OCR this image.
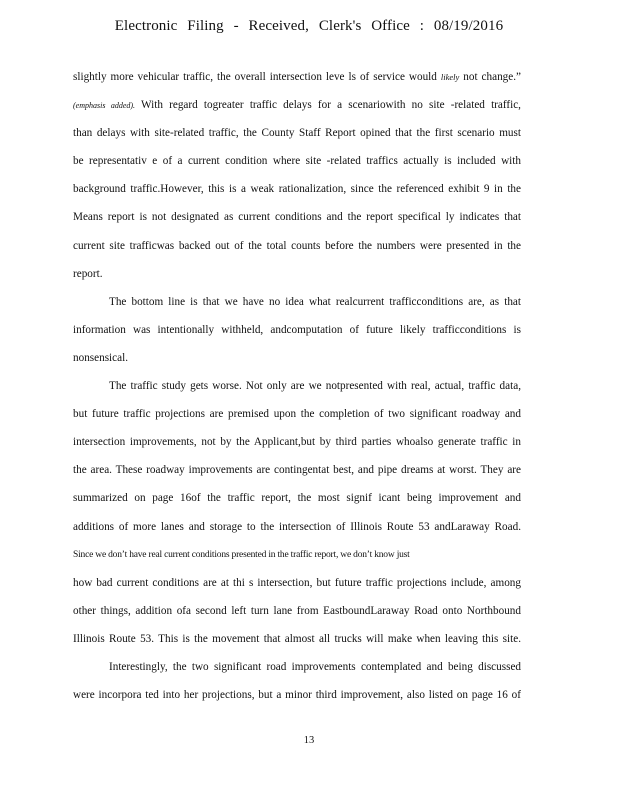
Electronic Filing - Received, Clerk's Office : 08/19/2016
slightly more vehicular traffic, the overall intersection leve ls of service would likely not change.”
(emphasis added). With regard togreater traffic delays for a scenariowith no site -related traffic,
than delays with site-related traffic, the County Staff Report opined that the first scenario must
be representativ e of a current condition where site -related traffics actually is included with
background traffic.However, this is a weak rationalization, since the referenced exhibit 9 in the
Means report is not designated as current conditions and the report specifical ly indicates that
current site trafficwas backed out of the total counts before the numbers were presented in the
report.
The bottom line is that we have no idea what realcurrent trafficconditions are, as that
information was intentionally withheld, andcomputation of future likely trafficconditions is
nonsensical.
The traffic study gets worse. Not only are we notpresented with real, actual, traffic data,
but future traffic projections are premised upon the completion of two significant roadway and
intersection improvements, not by the Applicant,but by third parties whoalso generate traffic in
the area. These roadway improvements are contingentat best, and pipe dreams at worst. They are
summarized on page 16of the traffic report, the most signif icant being improvement and
additions of more lanes and storage to the intersection of Illinois Route 53 andLaraway Road.
Since we don’t have real current conditions presented in the traffic report, we don’t know just
how bad current conditions are at thi s intersection, but future traffic projections include, among
other things, addition ofa second left turn lane from EastboundLaraway Road onto Northbound
Illinois Route 53. This is the movement that almost all trucks will make when leaving this site.
Interestingly, the two significant road improvements contemplated and being discussed
were incorpora ted into her projections, but a minor third improvement, also listed on page 16 of
13
